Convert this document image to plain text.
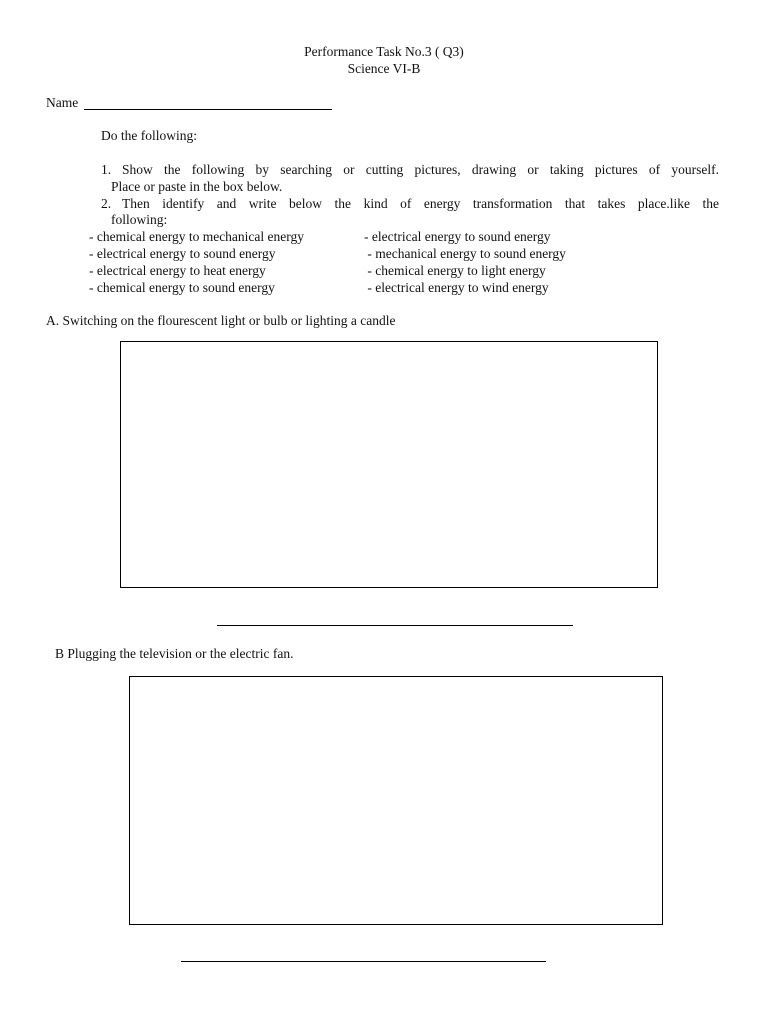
Performance Task No.3 ( Q3)
Science VI-B
Name
Do the following:
1. Show the following by searching or cutting pictures, drawing or taking pictures of yourself.
Place or paste in the box below.
2. Then identify and write below the kind of energy transformation that takes place.like the
following:
- chemical energy to mechanical energy
- electrical energy to sound energy
- electrical energy to heat energy
- chemical energy to sound energy
- electrical energy to sound energy
- mechanical energy to sound energy
- chemical energy to light energy
- electrical energy to wind energy
A. Switching on the flourescent light or bulb or lighting a candle
B Plugging the television or the electric fan.
